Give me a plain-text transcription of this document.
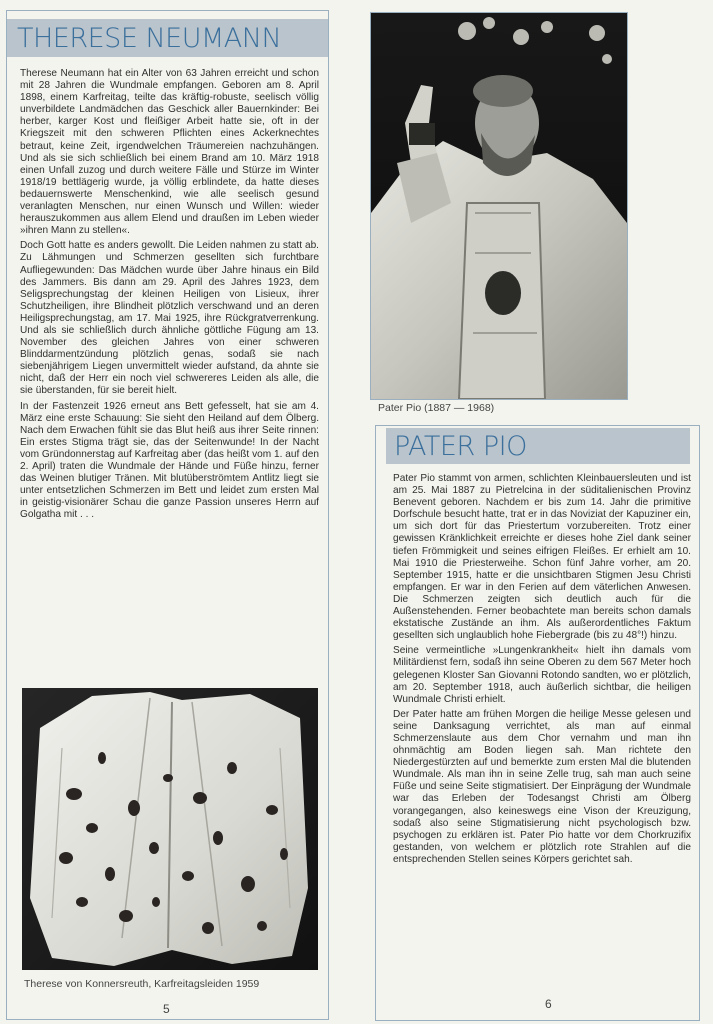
THERESE NEUMANN

Therese Neumann hat ein Alter von 63 Jahren erreicht und schon mit 28 Jahren die Wundmale empfangen. Geboren am 8. April 1898, einem Karfreitag, teilte das kräftig-robuste, seelisch völlig unverbildete Landmädchen das Geschick aller Bauernkinder: Bei herber, karger Kost und fleißiger Arbeit hatte sie, oft in der Kriegszeit mit den schweren Pflichten eines Ackerknechtes betraut, keine Zeit, irgendwelchen Träumereien nachzuhängen. Und als sie sich schließlich bei einem Brand am 10. März 1918 einen Unfall zuzog und durch weitere Fälle und Stürze im Winter 1918/19 bettlägerig wurde, ja völlig erblindete, da hatte dieses bedauernswerte Menschenkind, wie alle seelisch gesund veranlagten Menschen, nur einen Wunsch und Willen: wieder herauszukommen aus allem Elend und draußen im Leben wieder »ihren Mann zu stellen«.

Doch Gott hatte es anders gewollt. Die Leiden nahmen zu statt ab. Zu Lähmungen und Schmerzen gesellten sich furchtbare Aufliegewunden: Das Mädchen wurde über Jahre hinaus ein Bild des Jammers. Bis dann am 29. April des Jahres 1923, dem Seligsprechungstag der kleinen Heiligen von Lisieux, ihrer Schutzheiligen, ihre Blindheit plötzlich verschwand und an deren Heiligsprechungstag, am 17. Mai 1925, ihre Rückgratverrenkung. Und als sie schließlich durch ähnliche göttliche Fügung am 13. November des gleichen Jahres von einer schweren Blinddarmentzündung plötzlich genas, sodaß sie nach siebenjährigem Liegen unvermittelt wieder aufstand, da ahnte sie nicht, daß der Herr ein noch viel schwereres Leiden als alle, die sie überstanden, für sie bereit hielt.

In der Fastenzeit 1926 erneut ans Bett gefesselt, hat sie am 4. März eine erste Schauung: Sie sieht den Heiland auf dem Ölberg. Nach dem Erwachen fühlt sie das Blut heiß aus ihrer Seite rinnen: Ein erstes Stigma trägt sie, das der Seitenwunde! In der Nacht vom Gründonnerstag auf Karfreitag aber (das heißt vom 1. auf den 2. April) traten die Wundmale der Hände und Füße hinzu, ferner das Weinen blutiger Tränen. Mit blutüberströmtem Antlitz liegt sie unter entsetzlichen Schmerzen im Bett und leidet zum ersten Mal in geistig-visionärer Schau die ganze Passion unseres Herrn auf Golgatha mit . . .

Therese von Konnersreuth, Karfreitagsleiden 1959
5
Pater Pio (1887 — 1968)
PATER PIO

Pater Pio stammt von armen, schlichten Kleinbauersleuten und ist am 25. Mai 1887 zu Pietrelcina in der süditalienischen Provinz Benevent geboren. Nachdem er bis zum 14. Jahr die primitive Dorfschule besucht hatte, trat er in das Noviziat der Kapuziner ein, um sich dort für das Priestertum vorzubereiten. Trotz einer gewissen Kränklichkeit erreichte er dieses hohe Ziel dank seiner tiefen Frömmigkeit und seines eifrigen Fleißes. Er erhielt am 10. Mai 1910 die Priesterweihe. Schon fünf Jahre vorher, am 20. September 1915, hatte er die unsichtbaren Stigmen Jesu Christi empfangen. Er war in den Ferien auf dem väterlichen Anwesen. Die Schmerzen zeigten sich deutlich auch für die Außenstehenden. Ferner beobachtete man bereits schon damals ekstatische Zustände an ihm. Als außerordentliches Faktum gesellten sich unglaublich hohe Fiebergrade (bis zu 48°!) hinzu.

Seine vermeintliche »Lungenkrankheit« hielt ihn damals vom Militärdienst fern, sodaß ihn seine Oberen zu dem 567 Meter hoch gelegenen Kloster San Giovanni Rotondo sandten, wo er plötzlich, am 20. September 1918, auch äußerlich sichtbar, die heiligen Wundmale Christi erhielt.

Der Pater hatte am frühen Morgen die heilige Messe gelesen und seine Danksagung verrichtet, als man auf einmal Schmerzenslaute aus dem Chor vernahm und man ihn ohnmächtig am Boden liegen sah. Man richtete den Niedergestürzten auf und bemerkte zum ersten Mal die blutenden Wundmale. Als man ihn in seine Zelle trug, sah man auch seine Füße und seine Seite stigmatisiert. Der Einprägung der Wundmale war das Erleben der Todesangst Christi am Ölberg vorangegangen, also keineswegs eine Vison der Kreuzigung, sodaß also seine Stigmatisierung nicht psychologisch bzw. psychogen zu erklären ist. Pater Pio hatte vor dem Chorkruzifix gestanden, von welchem er plötzlich rote Strahlen auf die entsprechenden Stellen seines Körpers gerichtet sah.

6
